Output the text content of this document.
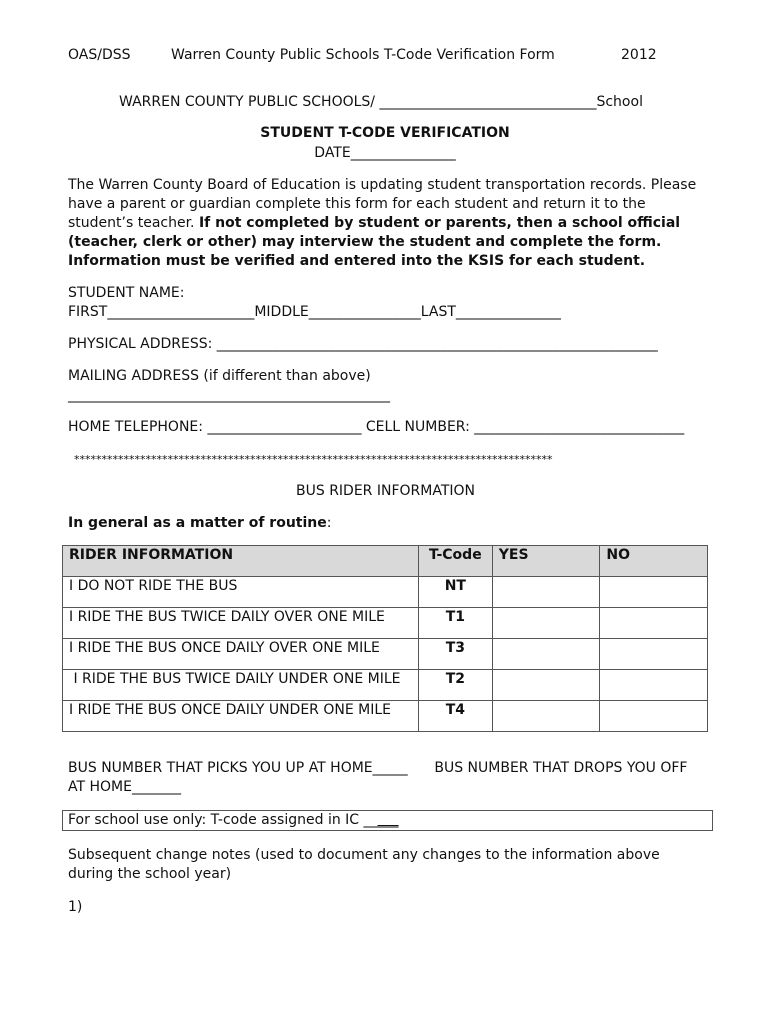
OAS/DSS	Warren County Public Schools T-Code Verification Form	2012
WARREN COUNTY PUBLIC SCHOOLS/ _______________________________School
STUDENT T-CODE VERIFICATION
DATE_______________
The Warren County Board of Education is updating student transportation records. Please have a parent or guardian complete this form for each student and return it to the student’s teacher. If not completed by student or parents, then a school official (teacher, clerk or other) may interview the student and complete the form. Information must be verified and entered into the KSIS for each student.
STUDENT NAME:
FIRST_____________________MIDDLE________________LAST_______________
PHYSICAL ADDRESS: _______________________________________________________________
MAILING ADDRESS (if different than above)
______________________________________________
HOME TELEPHONE: ______________________ CELL NUMBER: ______________________________
***************************************************************************************
BUS RIDER INFORMATION
In general as a matter of routine:
RIDER INFORMATION	T-Code	YES	NO
I DO NOT RIDE THE BUS	NT		
I RIDE THE BUS TWICE DAILY OVER ONE MILE	T1		
I RIDE THE BUS ONCE DAILY OVER ONE MILE	T3		
I RIDE THE BUS TWICE DAILY UNDER ONE MILE	T2		
I RIDE THE BUS ONCE DAILY UNDER ONE MILE	T4		
BUS NUMBER THAT PICKS YOU UP AT HOME_____      BUS NUMBER THAT DROPS YOU OFF
AT HOME_______
For school use only: T-code assigned in IC _____
Subsequent change notes (used to document any changes to the information above
during the school year)
1)
